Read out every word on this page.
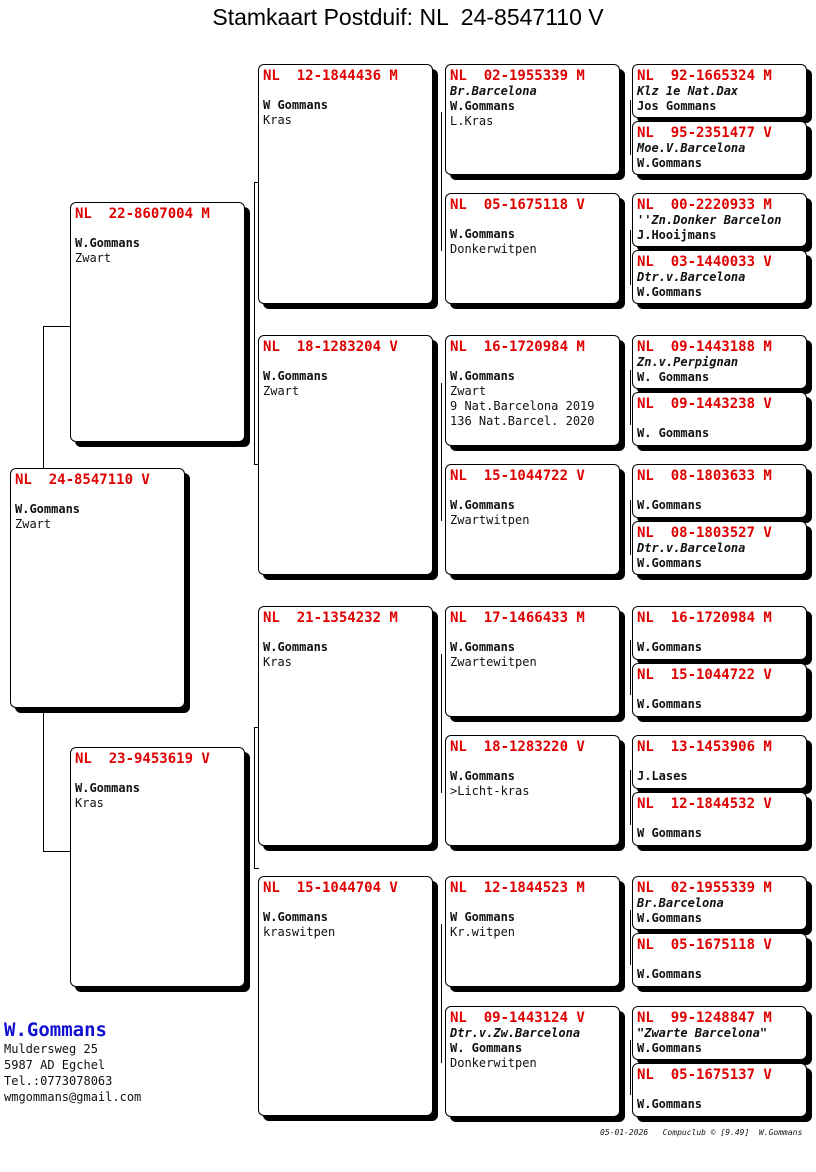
Stamkaart Postduif: NL  24-8547110 V
NL  24-8547110 V
W.Gommans
Zwart
NL  22-8607004 M
W.Gommans
Zwart
NL  23-9453619 V
W.Gommans
Kras
NL  12-1844436 M
W Gommans
Kras
NL  18-1283204 V
W.Gommans
Zwart
NL  21-1354232 M
W.Gommans
Kras
NL  15-1044704 V
W.Gommans
kraswitpen
NL  02-1955339 M
Br.Barcelona
W.Gommans
L.Kras
NL  05-1675118 V
W.Gommans
Donkerwitpen
NL  16-1720984 M
W.Gommans
Zwart
9 Nat.Barcelona 2019
136 Nat.Barcel. 2020
NL  15-1044722 V
W.Gommans
Zwartwitpen
NL  17-1466433 M
W.Gommans
Zwartewitpen
NL  18-1283220 V
W.Gommans
>Licht-kras
NL  12-1844523 M
W Gommans
Kr.witpen
NL  09-1443124 V
Dtr.v.Zw.Barcelona
W. Gommans
Donkerwitpen
NL  92-1665324 M
Klz 1e Nat.Dax
Jos Gommans
NL  95-2351477 V
Moe.V.Barcelona
W.Gommans
NL  00-2220933 M
''Zn.Donker Barcelon
J.Hooijmans
NL  03-1440033 V
Dtr.v.Barcelona
W.Gommans
NL  09-1443188 M
Zn.v.Perpignan
W. Gommans
NL  09-1443238 V
W. Gommans
NL  08-1803633 M
W.Gommans
NL  08-1803527 V
Dtr.v.Barcelona
W.Gommans
NL  16-1720984 M
W.Gommans
NL  15-1044722 V
W.Gommans
NL  13-1453906 M
J.Lases
NL  12-1844532 V
W Gommans
NL  02-1955339 M
Br.Barcelona
W.Gommans
NL  05-1675118 V
W.Gommans
NL  99-1248847 M
"Zwarte Barcelona"
W.Gommans
NL  05-1675137 V
W.Gommans
W.Gommans
Muldersweg 25
5987 AD Egchel
Tel.:0773078063
wmgommans@gmail.com
05-01-2026   Compuclub © [9.49]  W.Gommans
